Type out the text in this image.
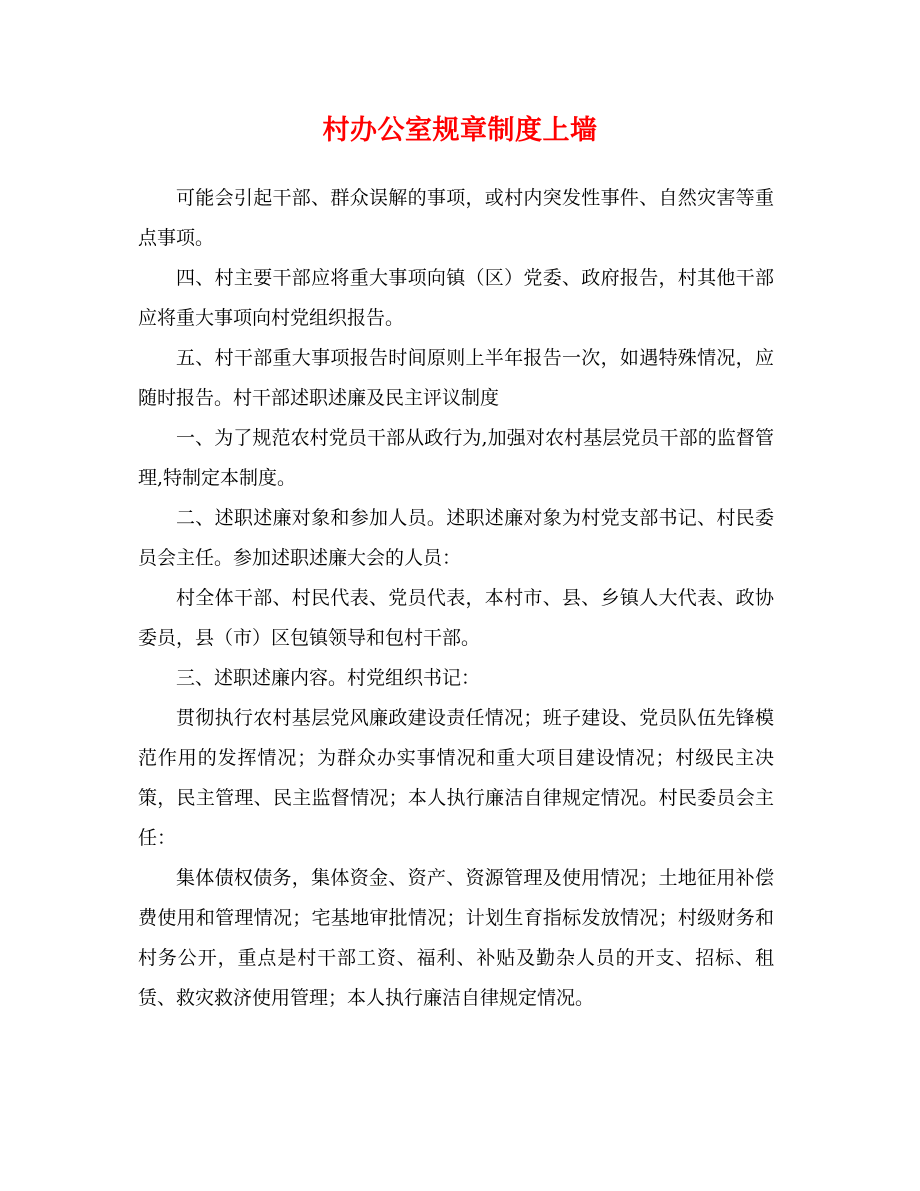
村办公室规章制度上墙

可能会引起干部、群众误解的事项，或村内突发性事件、自然灾害等重点事项。

四、村主要干部应将重大事项向镇（区）党委、政府报告，村其他干部应将重大事项向村党组织报告。

五、村干部重大事项报告时间原则上半年报告一次，如遇特殊情况，应随时报告。村干部述职述廉及民主评议制度

一、为了规范农村党员干部从政行为,加强对农村基层党员干部的监督管理,特制定本制度。

二、述职述廉对象和参加人员。述职述廉对象为村党支部书记、村民委员会主任。参加述职述廉大会的人员：

村全体干部、村民代表、党员代表，本村市、县、乡镇人大代表、政协委员，县（市）区包镇领导和包村干部。

三、述职述廉内容。村党组织书记：

贯彻执行农村基层党风廉政建设责任情况；班子建设、党员队伍先锋模范作用的发挥情况；为群众办实事情况和重大项目建设情况；村级民主决策，民主管理、民主监督情况；本人执行廉洁自律规定情况。村民委员会主任：

集体债权债务，集体资金、资产、资源管理及使用情况；土地征用补偿费使用和管理情况；宅基地审批情况；计划生育指标发放情况；村级财务和村务公开，重点是村干部工资、福利、补贴及勤杂人员的开支、招标、租赁、救灾救济使用管理；本人执行廉洁自律规定情况。
